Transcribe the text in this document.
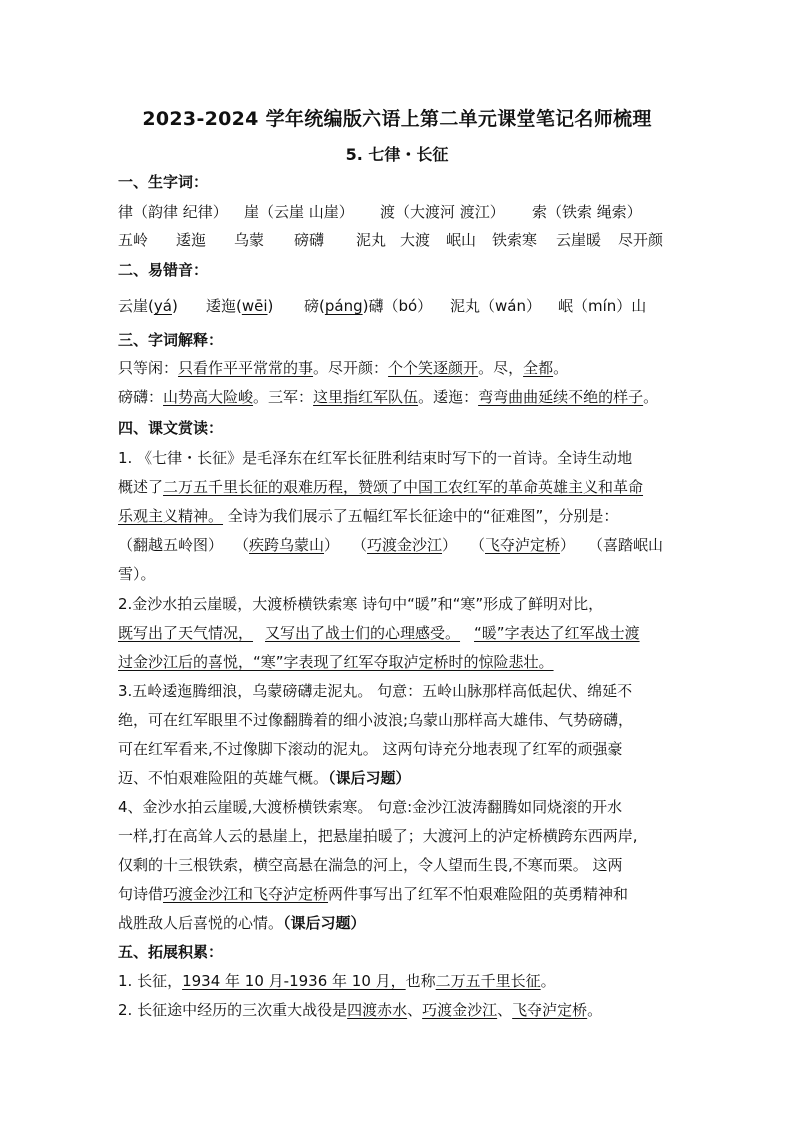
2023-2024 学年统编版六语上第二单元课堂笔记名师梳理
5. 七律・长征
一、生字词：
律（韵律 纪律） 崖（云崖 山崖） 渡（大渡河 渡江） 索（铁索 绳索）
五岭 逶迤 乌蒙 磅礴 泥丸 大渡 岷山 铁索寒 云崖暖 尽开颜
二、易错音：
云崖(yá) 逶迤(wēi) 磅(páng)礴（bó） 泥丸（wán） 岷（mín）山
三、字词解释：
只等闲：只看作平平常常的事。尽开颜：个个笑逐颜开。尽，全都。
磅礴：山势高大险峻。三军：这里指红军队伍。逶迤：弯弯曲曲延续不绝的样子。
四、课文赏读：
1. 《七律・长征》是毛泽东在红军长征胜利结束时写下的一首诗。全诗生动地
概述了二万五千里长征的艰难历程，赞颂了中国工农红军的革命英雄主义和革命
乐观主义精神。 全诗为我们展示了五幅红军长征途中的“征难图”，分别是：
（翻越五岭图） （疾跨乌蒙山） （巧渡金沙江） （飞夺泸定桥） （喜踏岷山
雪）。
2.金沙水拍云崖暖，大渡桥横铁索寒 诗句中“暖”和“寒”形成了鲜明对比，
既写出了天气情况， 又写出了战士们的心理感受。 “暖”字表达了红军战士渡
过金沙江后的喜悦，“寒”字表现了红军夺取泸定桥时的惊险悲壮。
3.五岭逶迤腾细浪，乌蒙磅礴走泥丸。 句意：五岭山脉那样高低起伏、绵延不
绝，可在红军眼里不过像翻腾着的细小波浪;乌蒙山那样高大雄伟、气势磅礴，
可在红军看来,不过像脚下滚动的泥丸。 这两句诗充分地表现了红军的顽强豪
迈、不怕艰难险阻的英雄气概。（课后习题）
4、金沙水拍云崖暖,大渡桥横铁索寒。 句意:金沙江波涛翻腾如同烧滚的开水
一样,打在高耸人云的悬崖上，把悬崖拍暖了；大渡河上的泸定桥横跨东西两岸,
仅剩的十三根铁索，横空高悬在湍急的河上，令人望而生畏,不寒而栗。 这两
句诗借巧渡金沙江和飞夺泸定桥两件事写出了红军不怕艰难险阻的英勇精神和
战胜敌人后喜悦的心情。（课后习题）
五、拓展积累：
1. 长征，1934 年 10 月-1936 年 10 月，也称二万五千里长征。
2. 长征途中经历的三次重大战役是四渡赤水、巧渡金沙江、飞夺泸定桥。
